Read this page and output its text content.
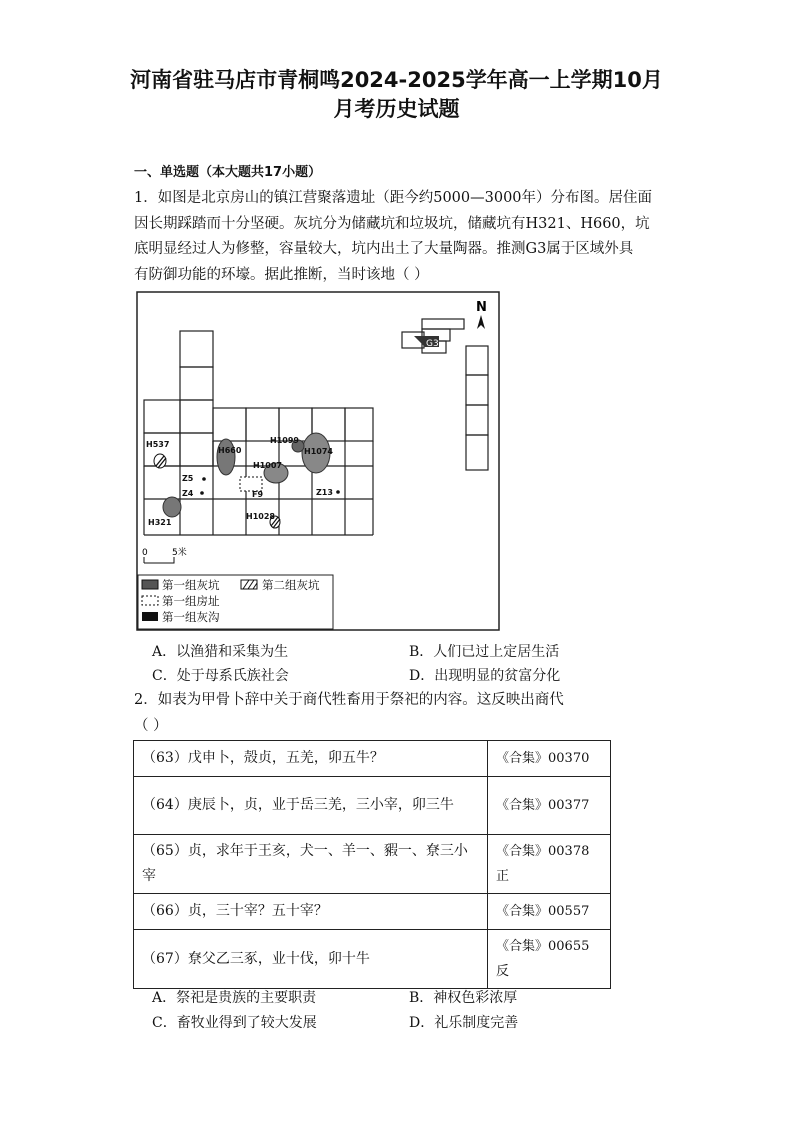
河南省驻马店市青桐鸣2024-2025学年高一上学期10月
月考历史试题
一、单选题（本大题共17小题）
1．如图是北京房山的镇江营聚落遗址（距今约5000—3000年）分布图。居住面
因长期踩踏而十分坚硬。灰坑分为储藏坑和垃圾坑，储藏坑有H321、H660，坑
底明显经过人为修整，容量较大，坑内出土了大量陶器。推测G3属于区域外具
有防御功能的环壕。据此推断，当时该地（ ）
G3
N
H537
H660
H1099
H1074
H1007
Z5
Z4	F9
H321
H1028
Z13
0	5米
第一组灰坑	第二组灰坑
第一组房址
第一组灰沟
A．以渔猎和采集为生	B．人们已过上定居生活
C．处于母系氏族社会	D．出现明显的贫富分化
2．如表为甲骨卜辞中关于商代牲畜用于祭祀的内容。这反映出商代
（ ）
（63）戊申卜，殻贞，五羌，卯五牛？	《合集》00370
（64）庚辰卜，贞，业于岳三羌，三小宰，卯三牛	《合集》00377
（65）贞，求年于王亥，犬一、羊一、豭一、尞三小宰	《合集》00378正
（66）贞，三十宰？五十宰？	《合集》00557
（67）尞父乙三豖，业十伐，卯十牛	《合集》00655反
A．祭祀是贵族的主要职责	B．神权色彩浓厚
C．畜牧业得到了较大发展	D．礼乐制度完善
